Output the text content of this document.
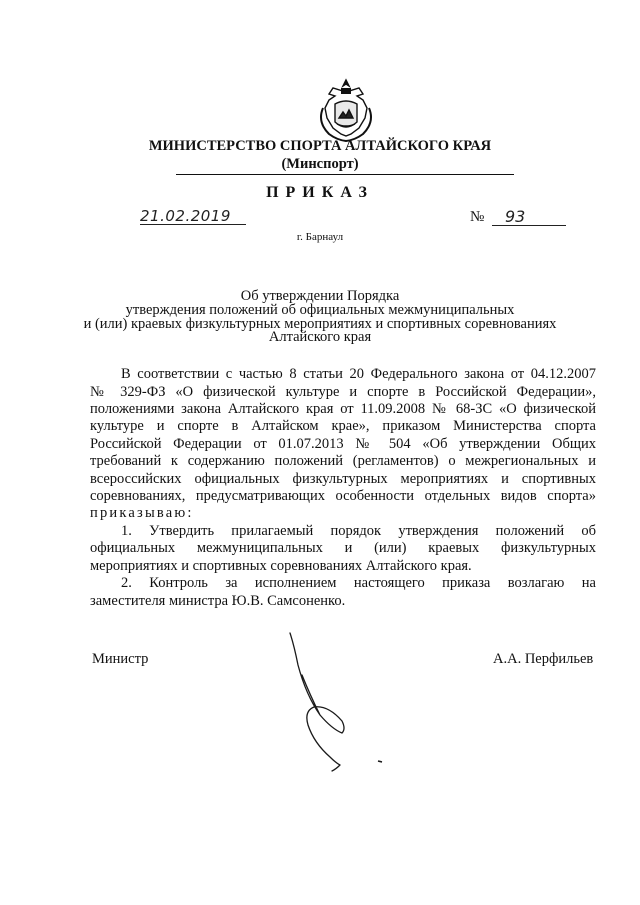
МИНИСТЕРСТВО СПОРТА АЛТАЙСКОГО КРАЯ
(Минспорт)
ПРИКАЗ
21.02.2019	№ 93
г. Барнаул
Об утверждении Порядка
утверждения положений об официальных межмуниципальных
и (или) краевых физкультурных мероприятиях и спортивных соревнованиях
Алтайского края
В соответствии с частью 8 статьи 20 Федерального закона от 04.12.2007
№ 329-ФЗ «О физической культуре и спорте в Российской Федерации»,
положениями закона Алтайского края от 11.09.2008 № 68-ЗС «О физической
культуре и спорте в Алтайском крае», приказом Министерства спорта
Российской Федерации от 01.07.2013 № 504 «Об утверждении Общих
требований к содержанию положений (регламентов) о межрегиональных и
всероссийских официальных физкультурных мероприятиях и спортивных
соревнованиях, предусматривающих особенности отдельных видов спорта»
приказываю:
1. Утвердить прилагаемый порядок утверждения положений об
официальных межмуниципальных и (или) краевых физкультурных
мероприятиях и спортивных соревнованиях Алтайского края.
2. Контроль за исполнением настоящего приказа возлагаю на
заместителя министра Ю.В. Самсоненко.
Министр	А.А. Перфильев
